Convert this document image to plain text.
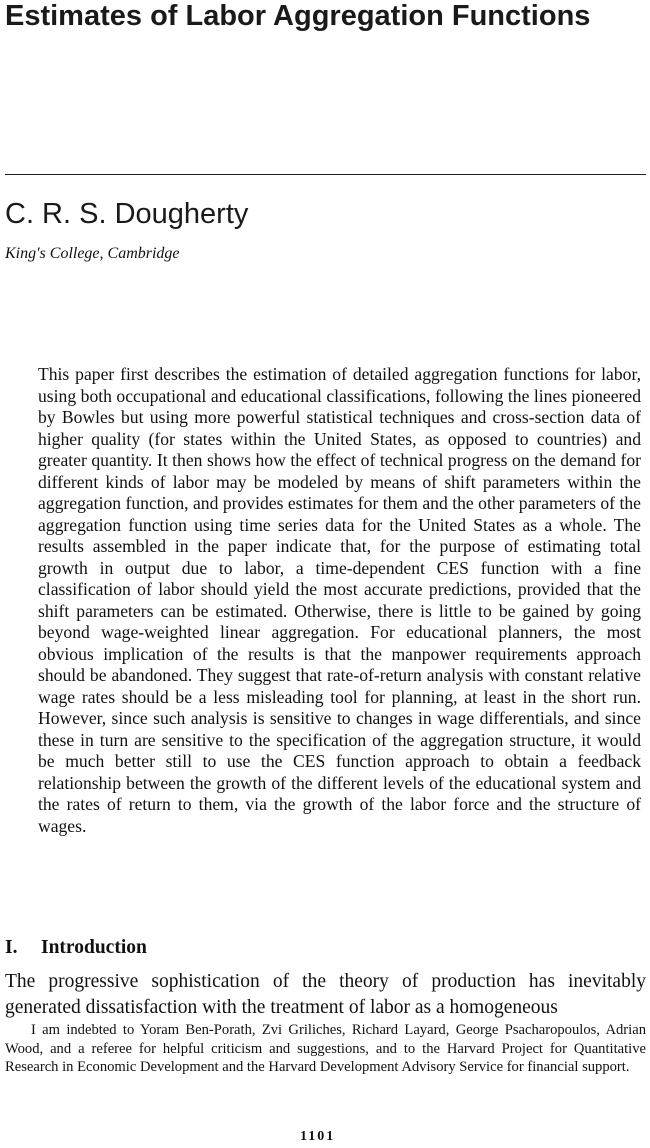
Estimates of Labor Aggregation Functions
C. R. S. Dougherty

King's College, Cambridge

This paper first describes the estimation of detailed aggregation functions for labor, using both occupational and educational classifications, following the lines pioneered by Bowles but using more powerful statistical techniques and cross-section data of higher quality (for states within the United States, as opposed to countries) and greater quantity. It then shows how the effect of technical progress on the demand for different kinds of labor may be modeled by means of shift parameters within the aggregation function, and provides estimates for them and the other parameters of the aggregation function using time series data for the United States as a whole. The results assembled in the paper indicate that, for the purpose of estimating total growth in output due to labor, a time-dependent CES function with a fine classification of labor should yield the most accurate predictions, provided that the shift parameters can be estimated. Otherwise, there is little to be gained by going beyond wage-weighted linear aggregation. For educational planners, the most obvious implication of the results is that the manpower requirements approach should be abandoned. They suggest that rate-of-return analysis with constant relative wage rates should be a less misleading tool for planning, at least in the short run. However, since such analysis is sensitive to changes in wage differentials, and since these in turn are sensitive to the specification of the aggregation structure, it would be much better still to use the CES function approach to obtain a feedback relationship between the growth of the different levels of the educational system and the rates of return to them, via the growth of the labor force and the structure of wages.

I. Introduction

The progressive sophistication of the theory of production has inevitably generated dissatisfaction with the treatment of labor as a homogeneous

I am indebted to Yoram Ben-Porath, Zvi Griliches, Richard Layard, George Psacharopoulos, Adrian Wood, and a referee for helpful criticism and suggestions, and to the Harvard Project for Quantitative Research in Economic Development and the Harvard Development Advisory Service for financial support.

1101
